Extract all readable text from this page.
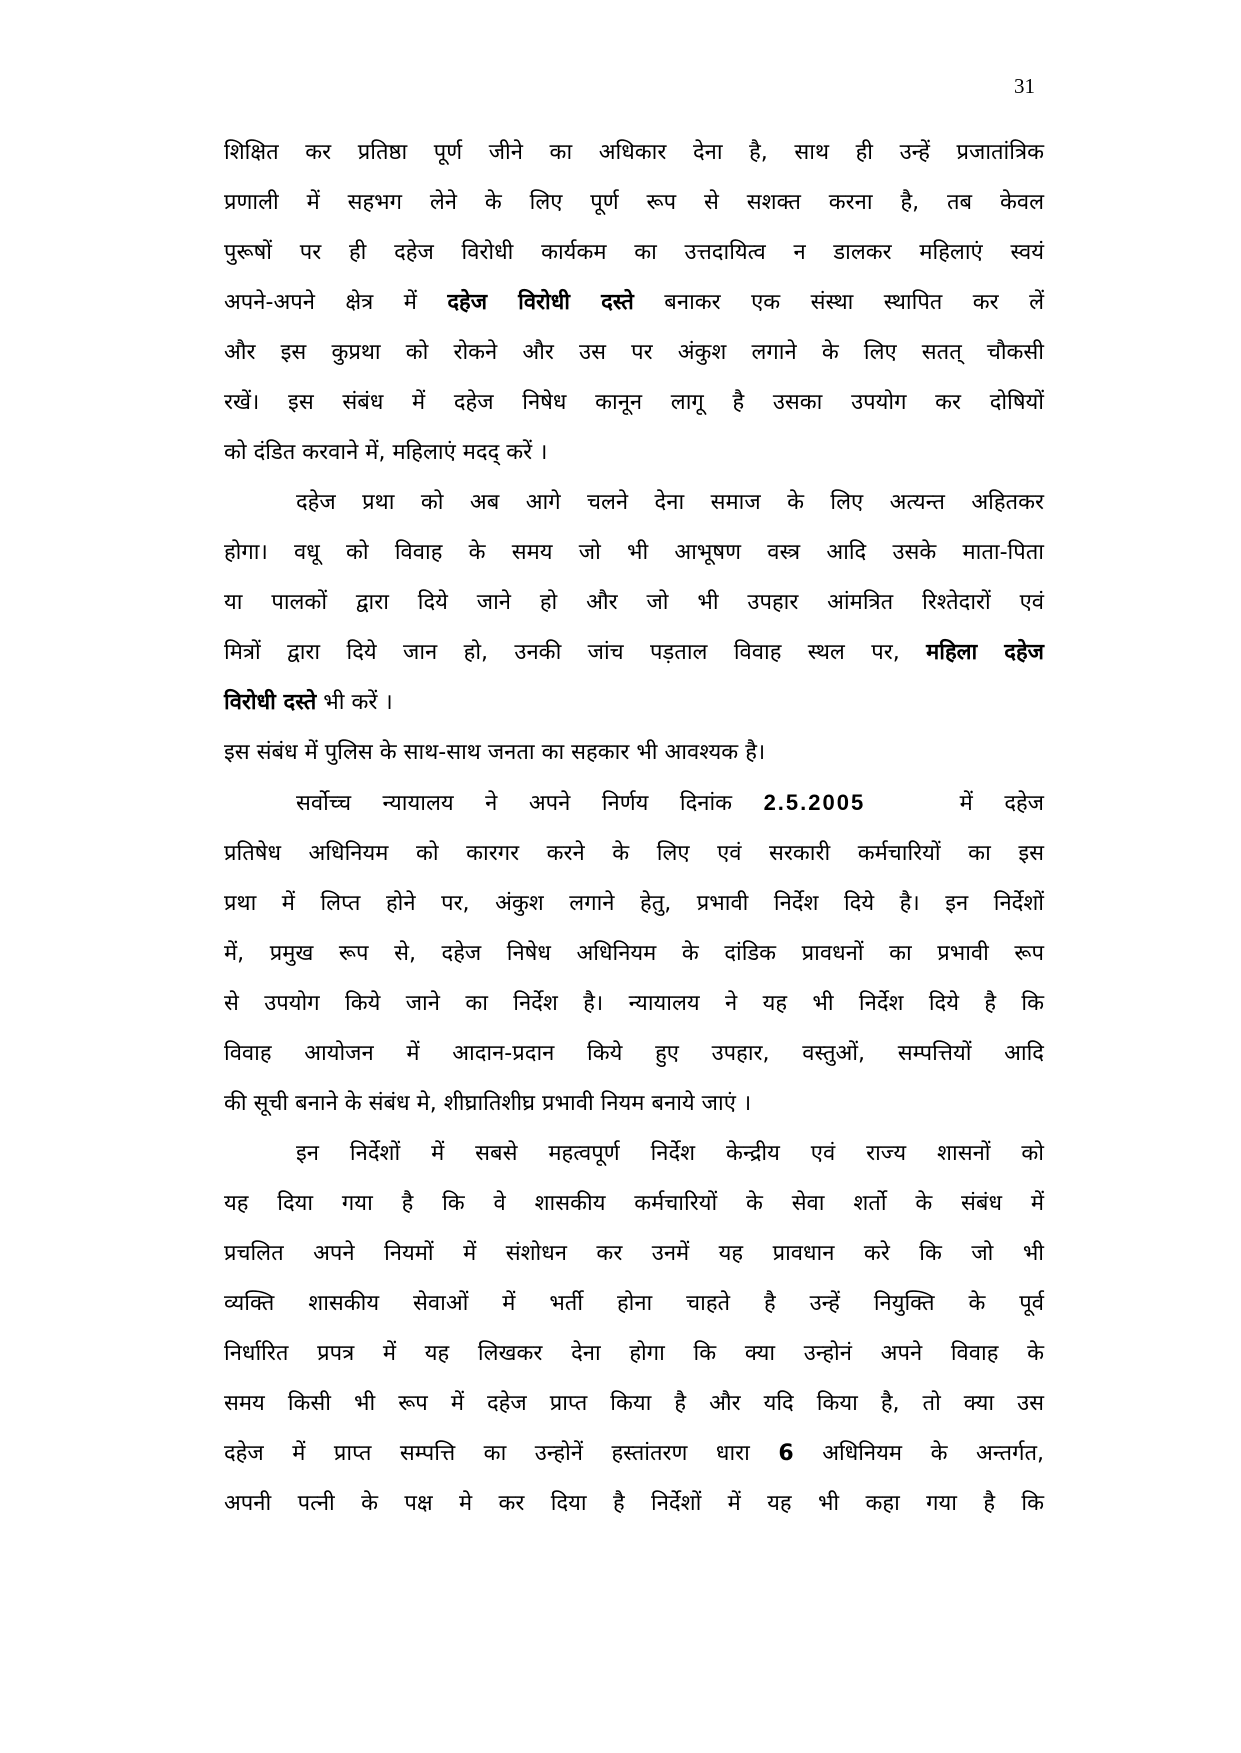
31
शिक्षित कर प्रतिष्ठा पूर्ण जीने का अधिकार देना है, साथ ही उन्हें प्रजातांत्रिक
प्रणाली में सहभग लेने के लिए पूर्ण रूप से सशक्त करना है, तब केवल
पुरूषों पर ही दहेज विरोधी कार्यकम का उत्तदायित्व न डालकर महिलाएं स्वयं
अपने-अपने क्षेत्र में दहेज विरोधी दस्ते बनाकर एक संस्था स्थापित कर लें
और इस कुप्रथा को रोकने और उस पर अंकुश लगाने के लिए सतत् चौकसी
रखें। इस संबंध में दहेज निषेध कानून लागू है उसका उपयोग कर दोषियों
को दंडित करवाने में, महिलाएं मदद् करें ।
दहेज प्रथा को अब आगे चलने देना समाज के लिए अत्यन्त अहितकर
होगा। वधू को विवाह के समय जो भी आभूषण वस्त्र आदि उसके माता-पिता
या पालकों द्वारा दिये जाने हो और जो भी उपहार आंमत्रित रिश्तेदारों एवं
मित्रों द्वारा दिये जान हो, उनकी जांच पड़ताल विवाह स्थल पर, महिला दहेज
विरोधी दस्ते भी करें ।
इस संबंध में पुलिस के साथ-साथ जनता का सहकार भी आवश्यक है।
सर्वोच्च न्यायालय ने अपने निर्णय दिनांक 2.5.2005	में दहेज
प्रतिषेध अधिनियम को कारगर करने के लिए एवं सरकारी कर्मचारियों का इस
प्रथा में लिप्त होने पर, अंकुश लगाने हेतु, प्रभावी निर्देश दिये है। इन निर्देशों
में, प्रमुख रूप से, दहेज निषेध अधिनियम के दांडिक प्रावधनों का प्रभावी रूप
से उपयोग किये जाने का निर्देश है। न्यायालय ने यह भी निर्देश दिये है कि
विवाह आयोजन में आदान-प्रदान किये हुए उपहार, वस्तुओं, सम्पत्तियों आदि
की सूची बनाने के संबंध मे, शीघ्रातिशीघ्र प्रभावी नियम बनाये जाएं ।
इन निर्देशों में सबसे महत्वपूर्ण निर्देश केन्द्रीय एवं राज्य शासनों को
यह दिया गया है कि वे शासकीय कर्मचारियों के सेवा शर्तो के संबंध में
प्रचलित अपने नियमों में संशोधन कर उनमें यह प्रावधान करे कि जो भी
व्यक्ति शासकीय सेवाओं में भर्ती होना चाहते है उन्हें नियुक्ति के पूर्व
निर्धारित प्रपत्र में यह लिखकर देना होगा कि क्या उन्होनं अपने विवाह के
समय किसी भी रूप में दहेज प्राप्त किया है और यदि किया है, तो क्या उस
दहेज में प्राप्त सम्पत्ति का उन्होनें हस्तांतरण धारा 6 अधिनियम के अन्तर्गत,
अपनी पत्नी के पक्ष मे कर दिया है निर्देशों में यह भी कहा गया है कि
